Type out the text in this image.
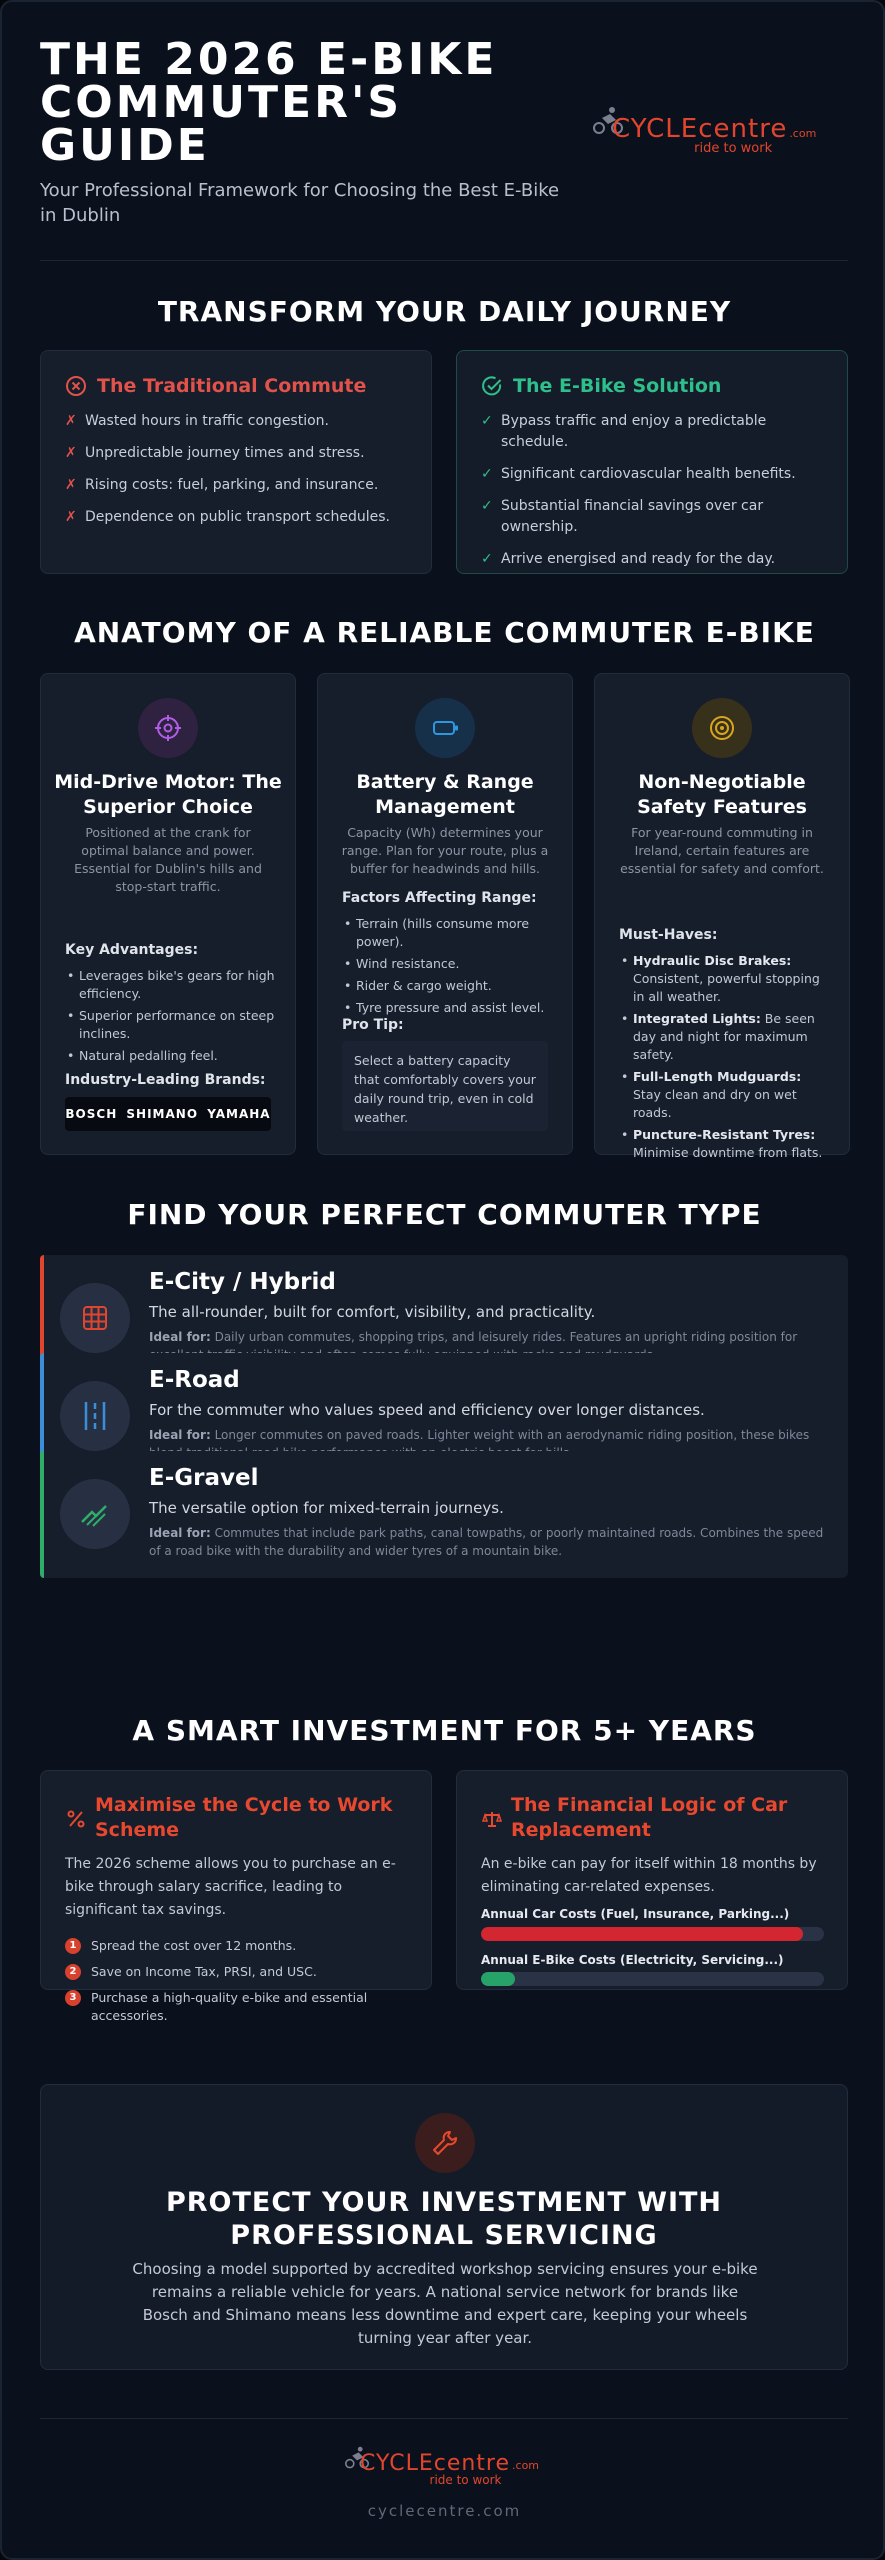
THE 2026 E-BIKE
COMMUTER'S
GUIDE
Your Professional Framework for Choosing the Best E-Bike in Dublin
CYCLE centre .com
ride to work
TRANSFORM YOUR DAILY JOURNEY
The Traditional Commute
✗ Wasted hours in traffic congestion.
✗ Unpredictable journey times and stress.
✗ Rising costs: fuel, parking, and insurance.
✗ Dependence on public transport schedules.
The E-Bike Solution
✓ Bypass traffic and enjoy a predictable schedule.
✓ Significant cardiovascular health benefits.
✓ Substantial financial savings over car ownership.
✓ Arrive energised and ready for the day.
ANATOMY OF A RELIABLE COMMUTER E-BIKE
Mid-Drive Motor: The Superior Choice
Positioned at the crank for optimal balance and power. Essential for Dublin's hills and stop-start traffic.
Key Advantages:
• Leverages bike's gears for high efficiency.
• Superior performance on steep inclines.
• Natural pedalling feel.
Industry-Leading Brands:
BOSCH SHIMANO YAMAHA
Battery & Range Management
Capacity (Wh) determines your range. Plan for your route, plus a buffer for headwinds and hills.
Factors Affecting Range:
• Terrain (hills consume more power).
• Wind resistance.
• Rider & cargo weight.
• Tyre pressure and assist level.
Pro Tip:
Select a battery capacity that comfortably covers your daily round trip, even in cold weather.
Non-Negotiable Safety Features
For year-round commuting in Ireland, certain features are essential for safety and comfort.
Must-Haves:
• Hydraulic Disc Brakes: Consistent, powerful stopping in all weather.
• Integrated Lights: Be seen day and night for maximum safety.
• Full-Length Mudguards: Stay clean and dry on wet roads.
• Puncture-Resistant Tyres: Minimise downtime from flats.
FIND YOUR PERFECT COMMUTER TYPE
E-City / Hybrid
The all-rounder, built for comfort, visibility, and practicality.
Ideal for: Daily urban commutes, shopping trips, and leisurely rides. Features an upright riding position for
E-Road
For the commuter who values speed and efficiency over longer distances.
Ideal for: Longer commutes on paved roads. Lighter weight with an aerodynamic riding position, these bikes
E-Gravel
The versatile option for mixed-terrain journeys.
Ideal for: Commutes that include park paths, canal towpaths, or poorly maintained roads. Combines the speed of a road bike with the durability and wider tyres of a mountain bike.
A SMART INVESTMENT FOR 5+ YEARS
Maximise the Cycle to Work Scheme
The 2026 scheme allows you to purchase an e-bike through salary sacrifice, leading to significant tax savings.
1	Spread the cost over 12 months.
2	Save on Income Tax, PRSI, and USC.
3	Purchase a high-quality e-bike and essential accessories.
The Financial Logic of Car Replacement
An e-bike can pay for itself within 18 months by eliminating car-related expenses.
Annual Car Costs (Fuel, Insurance, Parking...)
Annual E-Bike Costs (Electricity, Servicing...)
PROTECT YOUR INVESTMENT WITH
PROFESSIONAL SERVICING
Choosing a model supported by accredited workshop servicing ensures your e-bike remains a reliable vehicle for years. A national service network for brands like Bosch and Shimano means less downtime and expert care, keeping your wheels turning year after year.
CYCLE centre .com
ride to work
cyclecentre.com
